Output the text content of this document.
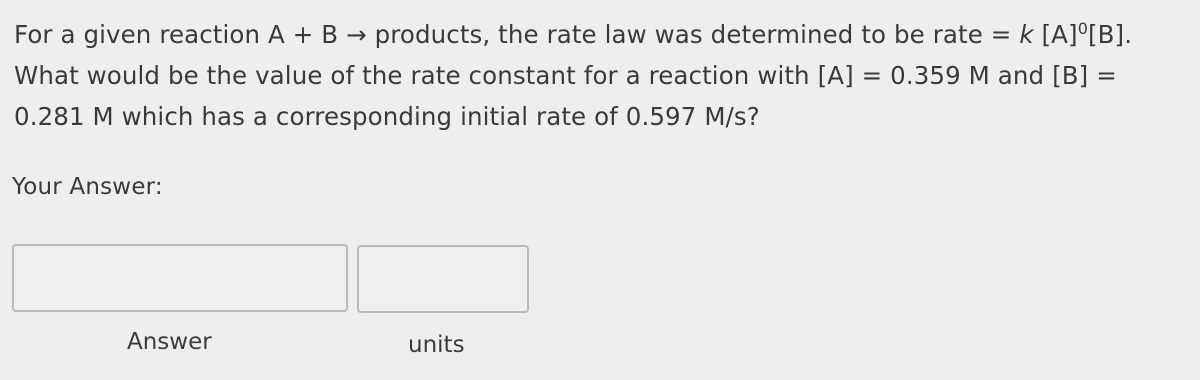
For a given reaction A + B → products, the rate law was determined to be rate = k $[A]^0[B]$. What would be the value of the rate constant for a reaction with [A] = 0.359 M and [B] = 0.281 M which has a corresponding initial rate of 0.597 M/s?
Your Answer:
Answer	units
